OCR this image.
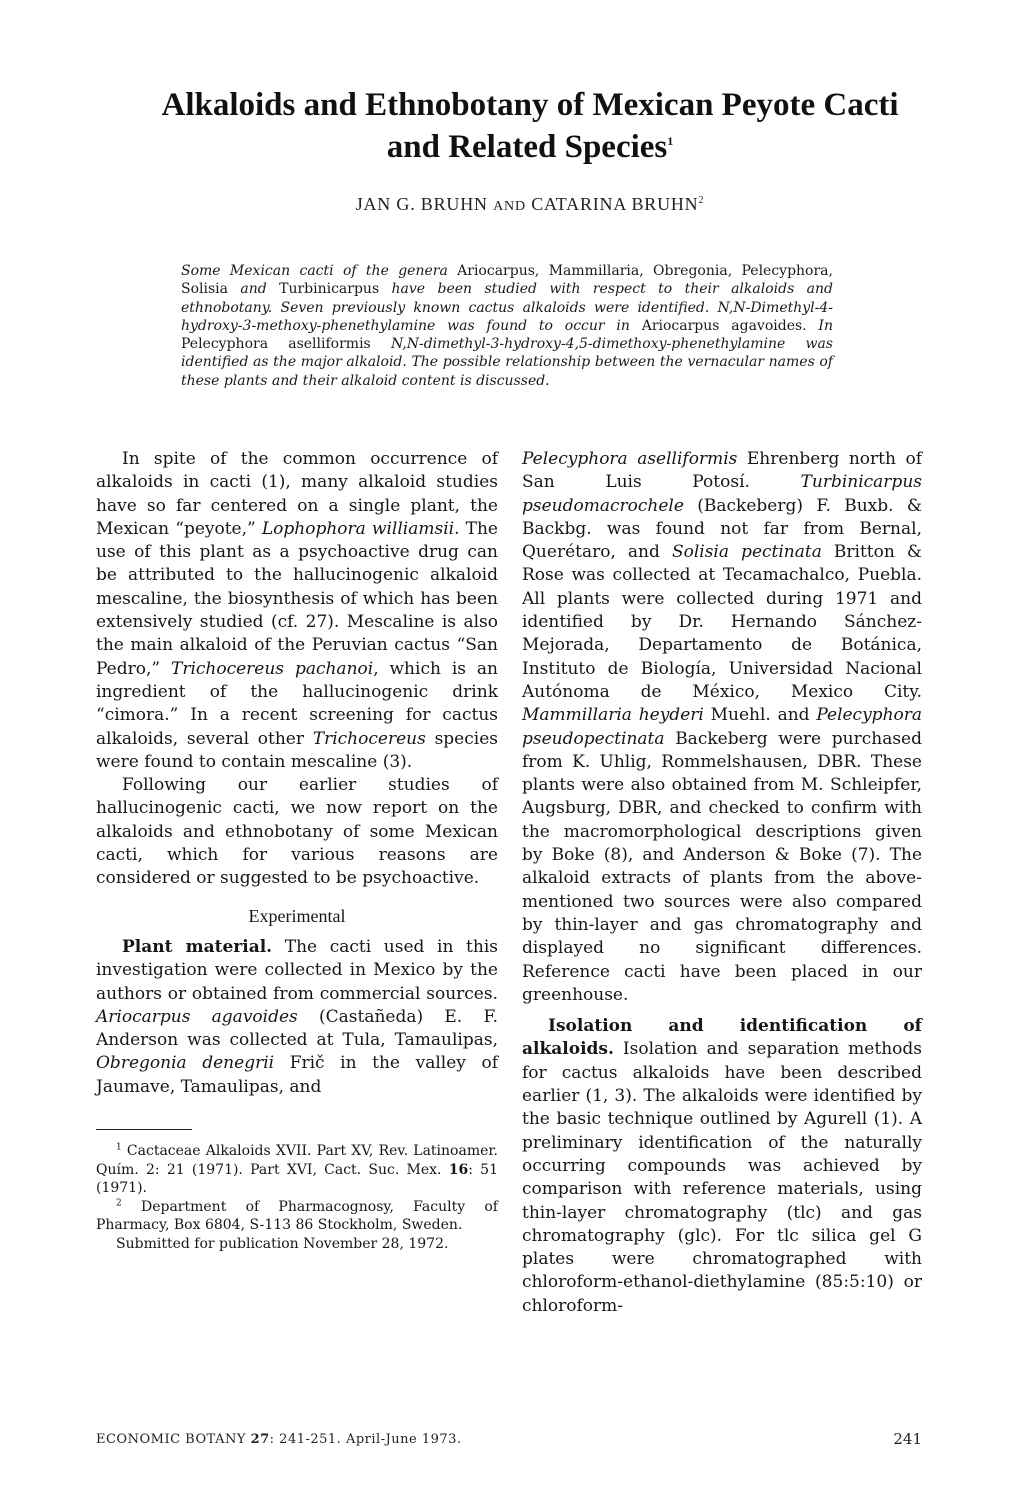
Alkaloids and Ethnobotany of Mexican Peyote Cacti
and Related Species$^1$
JAN G. BRUHN AND CATARINA BRUHN$^2$

Some Mexican cacti of the genera Ariocarpus, Mammillaria, Obregonia, Pelecyphora, Solisia and Turbinicarpus have been studied with respect to their alkaloids and ethnobotany. Seven previously known cactus alkaloids were identified. N,N-Dimethyl-4-hydroxy-3-methoxy-phenethylamine was found to occur in Ariocarpus agavoides. In Pelecyphora aselliformis N,N-dimethyl-3-hydroxy-4,5-dimethoxy-phenethylamine was identified as the major alkaloid. The possible relationship between the vernacular names of these plants and their alkaloid content is discussed.

In spite of the common occurrence of alkaloids in cacti (1), many alkaloid studies have so far centered on a single plant, the Mexican “peyote,” Lophophora williamsii. The use of this plant as a psychoactive drug can be attributed to the hallucinogenic alkaloid mescaline, the biosynthesis of which has been extensively studied (cf. 27). Mescaline is also the main alkaloid of the Peruvian cactus “San Pedro,” Trichocereus pachanoi, which is an ingredient of the hallucinogenic drink “cimora.” In a recent screening for cactus alkaloids, several other Trichocereus species were found to contain mescaline (3).

Following our earlier studies of hallucinogenic cacti, we now report on the alkaloids and ethnobotany of some Mexican cacti, which for various reasons are considered or suggested to be psychoactive.

Experimental

Plant material. The cacti used in this investigation were collected in Mexico by the authors or obtained from commercial sources. Ariocarpus agavoides (Castañeda) E. F. Anderson was collected at Tula, Tamaulipas, Obregonia denegrii Frič in the valley of Jaumave, Tamaulipas, and

$^1$ Cactaceae Alkaloids XVII. Part XV, Rev. Latinoamer. Quím. 2: 21 (1971). Part XVI, Cact. Suc. Mex. 16: 51 (1971).

$^2$ Department of Pharmacognosy, Faculty of Pharmacy, Box 6804, S-113 86 Stockholm, Sweden.

Submitted for publication November 28, 1972.

Pelecyphora aselliformis Ehrenberg north of San Luis Potosí. Turbinicarpus pseudomacrochele (Backeberg) F. Buxb. & Backbg. was found not far from Bernal, Querétaro, and Solisia pectinata Britton & Rose was collected at Tecamachalco, Puebla. All plants were collected during 1971 and identified by Dr. Hernando Sánchez-Mejorada, Departamento de Botánica, Instituto de Biología, Universidad Nacional Autónoma de México, Mexico City. Mammillaria heyderi Muehl. and Pelecyphora pseudopectinata Backeberg were purchased from K. Uhlig, Rommelshausen, DBR. These plants were also obtained from M. Schleipfer, Augsburg, DBR, and checked to confirm with the macromorphological descriptions given by Boke (8), and Anderson & Boke (7). The alkaloid extracts of plants from the above-mentioned two sources were also compared by thin-layer and gas chromatography and displayed no significant differences. Reference cacti have been placed in our greenhouse.

Isolation and identification of alkaloids. Isolation and separation methods for cactus alkaloids have been described earlier (1, 3). The alkaloids were identified by the basic technique outlined by Agurell (1). A preliminary identification of the naturally occurring compounds was achieved by comparison with reference materials, using thin-layer chromatography (tlc) and gas chromatography (glc). For tlc silica gel G plates were chromatographed with chloroform-ethanol-diethylamine (85:5:10) or chloroform-

ECONOMIC BOTANY 27: 241-251. April-June 1973.	241
